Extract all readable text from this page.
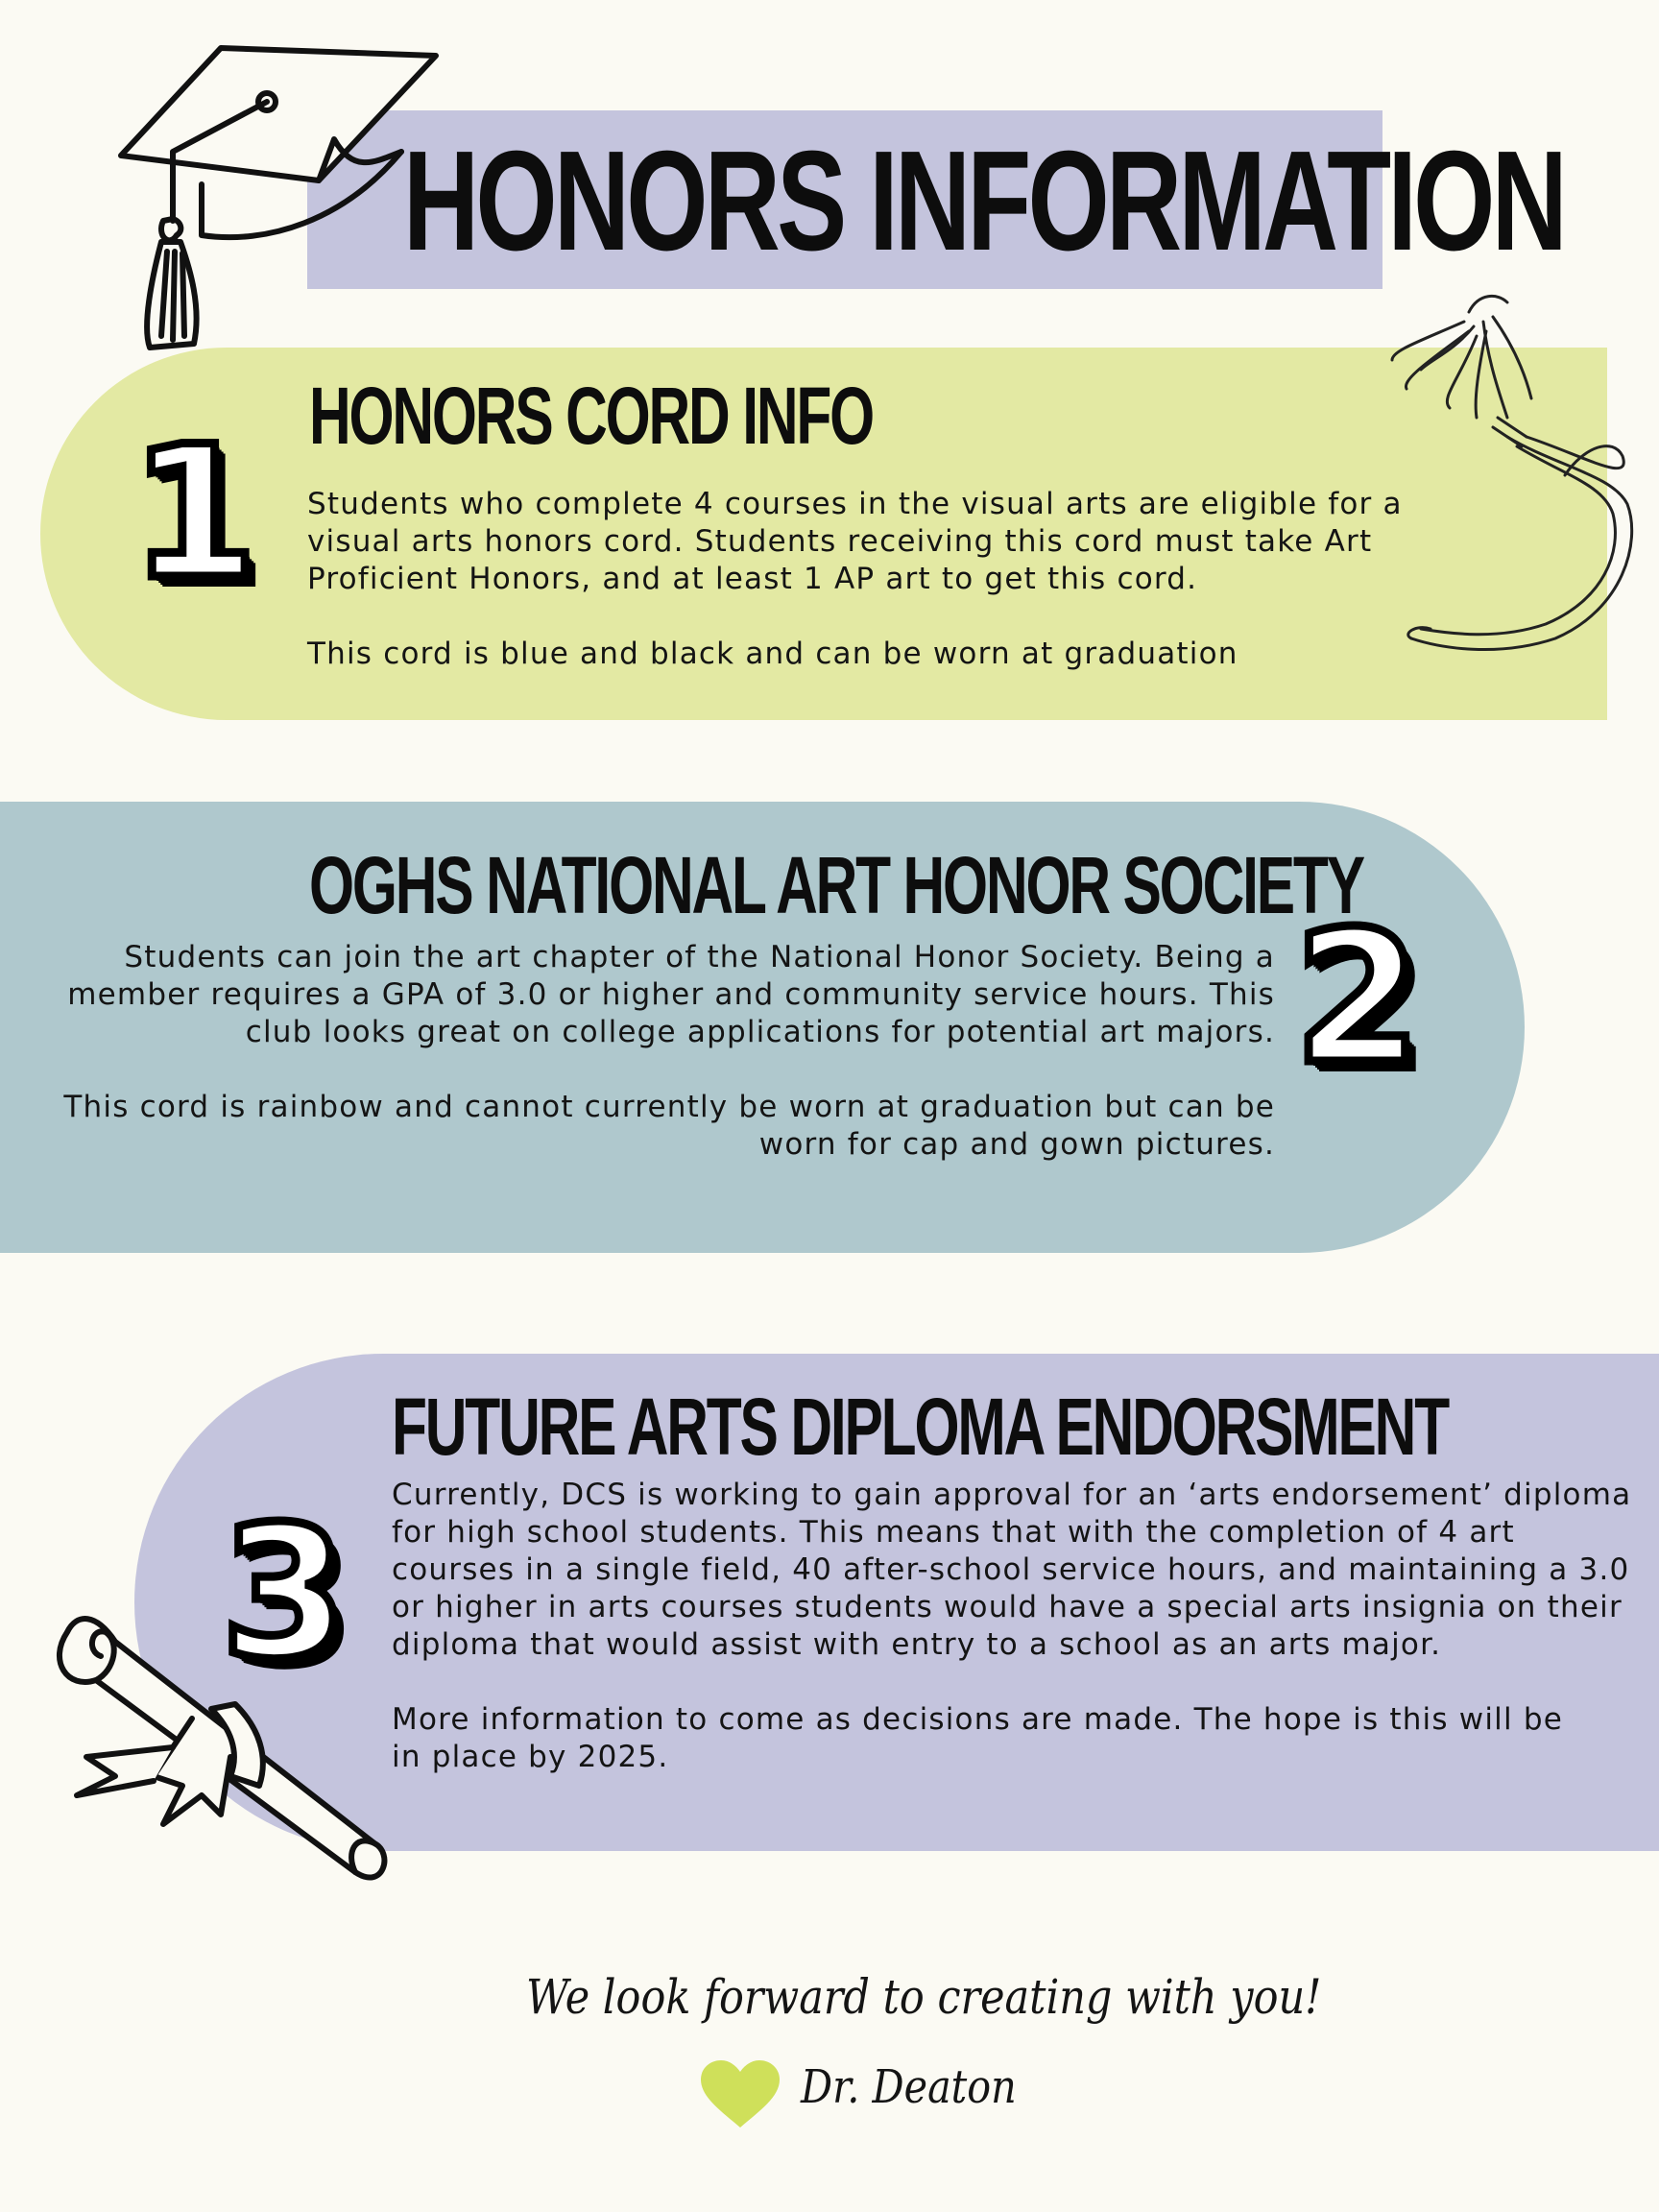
HONORS INFORMATION
1 HONORS CORD INFO

Students who complete 4 courses in the visual arts are eligible for a visual arts honors cord. Students receiving this cord must take Art Proficient Honors, and at least 1 AP art to get this cord.

This cord is blue and black and can be worn at graduation

OGHS NATIONAL ART HONOR SOCIETY

Students can join the art chapter of the National Honor Society. Being a member requires a GPA of 3.0 or higher and community service hours. This club looks great on college applications for potential art majors.

This cord is rainbow and cannot currently be worn at graduation but can be worn for cap and gown pictures.

2
3
FUTURE ARTS DIPLOMA ENDORSMENT

Currently, DCS is working to gain approval for an ‘arts endorsement’ diploma for high school students. This means that with the completion of 4 art courses in a single field, 40 after-school service hours, and maintaining a 3.0 or higher in arts courses students would have a special arts insignia on their diploma that would assist with entry to a school as an arts major.

More information to come as decisions are made. The hope is this will be in place by 2025.

We look forward to creating with you!
Dr. Deaton
